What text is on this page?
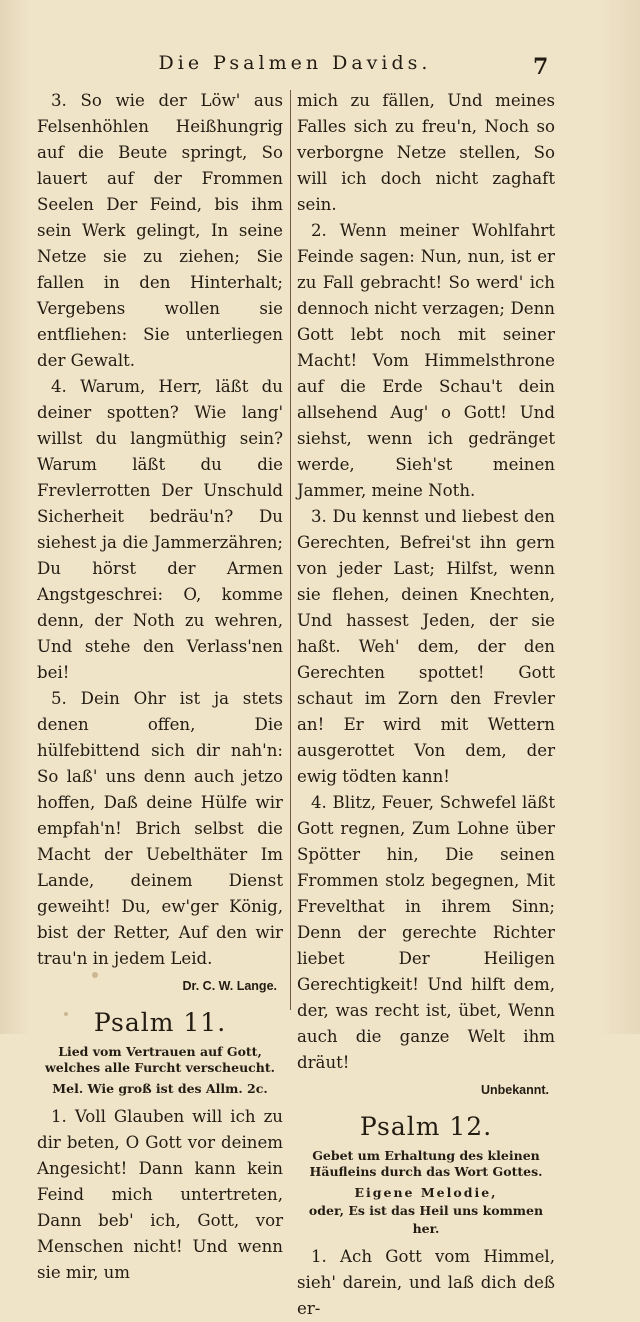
Die Psalmen Davids.	7

3. So wie der Löw' aus Felsenhöhlen Heißhungrig auf die Beute springt, So lauert auf der Frommen Seelen Der Feind, bis ihm sein Werk gelingt, In seine Netze sie zu ziehen; Sie fallen in den Hinterhalt; Vergebens wollen sie entfliehen: Sie unterliegen der Gewalt.

4. Warum, Herr, läßt du deiner spotten? Wie lang' willst du langmüthig sein? Warum läßt du die Frevlerrotten Der Unschuld Sicherheit bedräu'n? Du siehest ja die Jammerzähren; Du hörst der Armen Angstgeschrei: O, komme denn, der Noth zu wehren, Und stehe den Verlass'nen bei!

5. Dein Ohr ist ja stets denen offen, Die hülfebittend sich dir nah'n: So laß' uns denn auch jetzo hoffen, Daß deine Hülfe wir empfah'n! Brich selbst die Macht der Uebelthäter Im Lande, deinem Dienst geweiht! Du, ew'ger König, bist der Retter, Auf den wir trau'n in jedem Leid.

Dr. C. W. Lange.
Psalm 11.
Lied vom Vertrauen auf Gott, welches alle Furcht verscheucht.
Mel. Wie groß ist des Allm. 2c.

1. Voll Glauben will ich zu dir beten, O Gott vor deinem Angesicht! Dann kann kein Feind mich untertreten, Dann beb' ich, Gott, vor Menschen nicht! Und wenn sie mir, um

mich zu fällen, Und meines Falles sich zu freu'n, Noch so verborgne Netze stellen, So will ich doch nicht zaghaft sein.

2. Wenn meiner Wohlfahrt Feinde sagen: Nun, nun, ist er zu Fall gebracht! So werd' ich dennoch nicht verzagen; Denn Gott lebt noch mit seiner Macht! Vom Himmelsthrone auf die Erde Schau't dein allsehend Aug' o Gott! Und siehst, wenn ich gedränget werde, Sieh'st meinen Jammer, meine Noth.

3. Du kennst und liebest den Gerechten, Befrei'st ihn gern von jeder Last; Hilfst, wenn sie flehen, deinen Knechten, Und hassest Jeden, der sie haßt. Weh' dem, der den Gerechten spottet! Gott schaut im Zorn den Frevler an! Er wird mit Wettern ausgerottet Von dem, der ewig tödten kann!

4. Blitz, Feuer, Schwefel läßt Gott regnen, Zum Lohne über Spötter hin, Die seinen Frommen stolz begegnen, Mit Frevelthat in ihrem Sinn; Denn der gerechte Richter liebet Der Heiligen Gerechtigkeit! Und hilft dem, der, was recht ist, übet, Wenn auch die ganze Welt ihm dräut!

Unbekannt.
Psalm 12.
Gebet um Erhaltung des kleinen Häufleins durch das Wort Gottes.
Eigene Melodie,
oder, Es ist das Heil uns kommen her.

1. Ach Gott vom Himmel, sieh' darein, und laß dich deß er-
